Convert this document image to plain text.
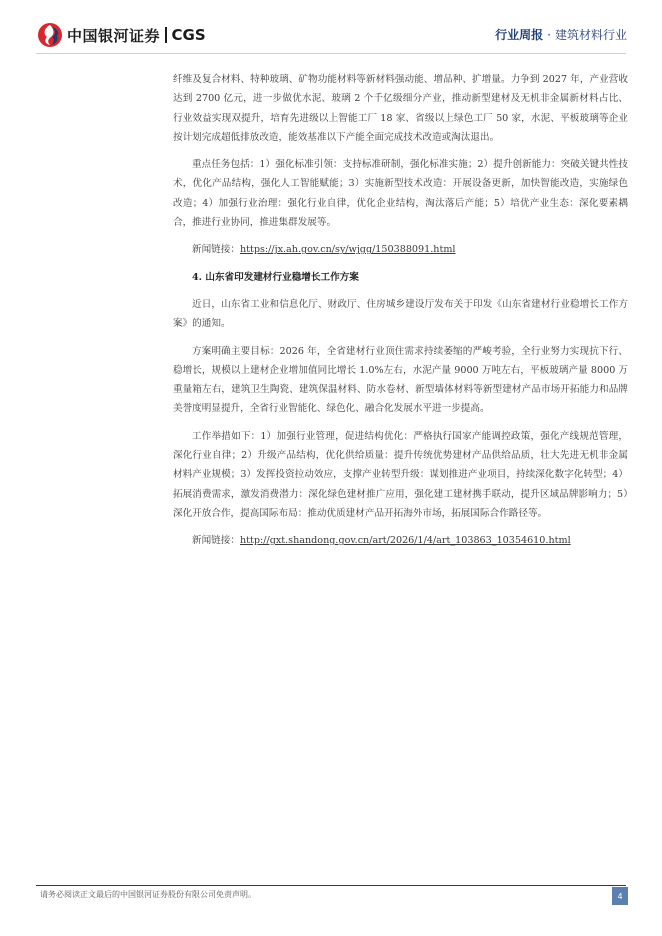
中国银河证券 CGS	行业周报 · 建筑材料行业

纤维及复合材料、特种玻璃、矿物功能材料等新材料强动能、增品种、扩增量。力争到 2027 年，产业营收达到 2700 亿元，进一步做优水泥、玻璃 2 个千亿级细分产业，推动新型建材及无机非金属新材料占比、行业效益实现双提升，培育先进级以上智能工厂 18 家、省级以上绿色工厂 50 家，水泥、平板玻璃等企业按计划完成超低排放改造，能效基准以下产能全面完成技术改造或淘汰退出。

重点任务包括：1）强化标准引领：支持标准研制，强化标准实施；2）提升创新能力：突破关键共性技术，优化产品结构，强化人工智能赋能；3）实施新型技术改造：开展设备更新，加快智能改造，实施绿色改造；4）加强行业治理：强化行业自律，优化企业结构，淘汰落后产能；5）培优产业生态：深化要素耦合，推进行业协同，推进集群发展等。

新闻链接：https://jx.ah.gov.cn/sy/wjgg/150388091.html

4. 山东省印发建材行业稳增长工作方案

近日，山东省工业和信息化厅、财政厅、住房城乡建设厅发布关于印发《山东省建材行业稳增长工作方案》的通知。

方案明确主要目标：2026 年，全省建材行业顶住需求持续萎缩的严峻考验，全行业努力实现抗下行、稳增长，规模以上建材企业增加值同比增长 1.0%左右，水泥产量 9000 万吨左右，平板玻璃产量 8000 万重量箱左右，建筑卫生陶瓷、建筑保温材料、防水卷材、新型墙体材料等新型建材产品市场开拓能力和品牌美誉度明显提升，全省行业智能化、绿色化、融合化发展水平进一步提高。

工作举措如下：1）加强行业管理，促进结构优化：严格执行国家产能调控政策，强化产线规范管理，深化行业自律；2）升级产品结构，优化供给质量：提升传统优势建材产品供给品质，壮大先进无机非金属材料产业规模；3）发挥投资拉动效应，支撑产业转型升级：谋划推进产业项目，持续深化数字化转型；4）拓展消费需求，激发消费潜力：深化绿色建材推广应用，强化建工建材携手联动，提升区域品牌影响力；5）深化开放合作，提高国际布局：推动优质建材产品开拓海外市场，拓展国际合作路径等。

新闻链接：http://gxt.shandong.gov.cn/art/2026/1/4/art_103863_10354610.html

请务必阅读正文最后的中国银河证券股份有限公司免责声明。	4
